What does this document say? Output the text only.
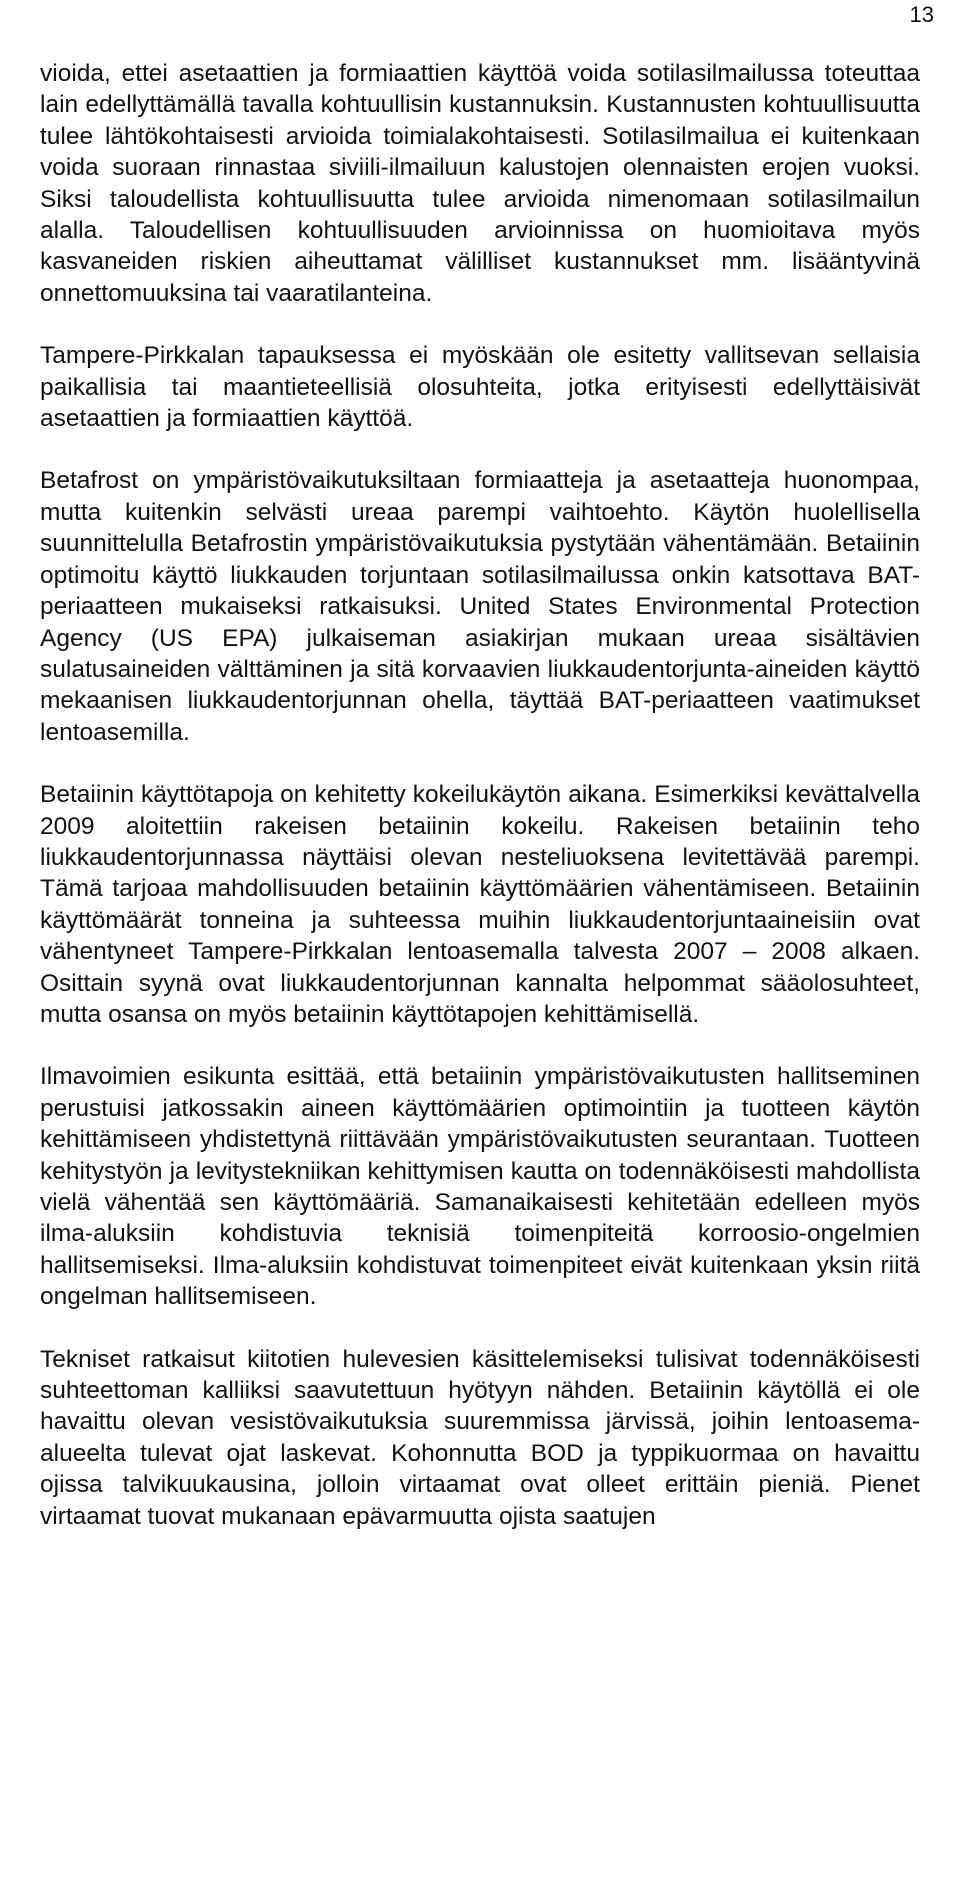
13

vioida, ettei asetaattien ja formiaattien käyttöä voida sotilasilmailussa toteuttaa lain edellyttämällä tavalla kohtuullisin kustannuksin. Kustannusten kohtuullisuutta tulee lähtökohtaisesti arvioida toimialakohtaisesti. Sotilasilmailua ei kuitenkaan voida suoraan rinnastaa siviili-ilmailuun kalustojen olennaisten erojen vuoksi. Siksi taloudellista kohtuullisuutta tulee arvioida nimenomaan sotilasilmailun alalla. Taloudellisen kohtuullisuuden arvioinnissa on huomioitava myös kasvaneiden riskien aiheuttamat välilliset kustannukset mm. lisääntyvinä onnettomuuksina tai vaaratilanteina.

Tampere-Pirkkalan tapauksessa ei myöskään ole esitetty vallitsevan sellaisia paikallisia tai maantieteellisiä olosuhteita, jotka erityisesti edellyttäisivät asetaattien ja formiaattien käyttöä.

Betafrost on ympäristövaikutuksiltaan formiaatteja ja asetaatteja huonompaa, mutta kuitenkin selvästi ureaa parempi vaihtoehto. Käytön huolellisella suunnittelulla Betafrostin ympäristövaikutuksia pystytään vähentämään. Betaiinin optimoitu käyttö liukkauden torjuntaan sotilasilmailussa onkin katsottava BAT-periaatteen mukaiseksi ratkaisuksi. United States Environmental Protection Agency (US EPA) julkaiseman asiakirjan mukaan ureaa sisältävien sulatusaineiden välttäminen ja sitä korvaavien liukkaudentorjunta-aineiden käyttö mekaanisen liukkaudentorjunnan ohella, täyttää BAT-periaatteen vaatimukset lentoasemilla.

Betaiinin käyttötapoja on kehitetty kokeilukäytön aikana. Esimerkiksi kevättalvella 2009 aloitettiin rakeisen betaiinin kokeilu. Rakeisen betaiinin teho liukkaudentorjunnassa näyttäisi olevan nesteliuoksena levitettävää parempi. Tämä tarjoaa mahdollisuuden betaiinin käyttömäärien vähentämiseen. Betaiinin käyttömäärät tonneina ja suhteessa muihin liukkaudentorjuntaaineisiin ovat vähentyneet Tampere-Pirkkalan lentoasemalla talvesta 2007 – 2008 alkaen. Osittain syynä ovat liukkaudentorjunnan kannalta helpommat sääolosuhteet, mutta osansa on myös betaiinin käyttötapojen kehittämisellä.

Ilmavoimien esikunta esittää, että betaiinin ympäristövaikutusten hallitseminen perustuisi jatkossakin aineen käyttömäärien optimointiin ja tuotteen käytön kehittämiseen yhdistettynä riittävään ympäristövaikutusten seurantaan. Tuotteen kehitystyön ja levitystekniikan kehittymisen kautta on todennäköisesti mahdollista vielä vähentää sen käyttömääriä. Samanaikaisesti kehitetään edelleen myös ilma-aluksiin kohdistuvia teknisiä toimenpiteitä korroosio-ongelmien hallitsemiseksi. Ilma-aluksiin kohdistuvat toimenpiteet eivät kuitenkaan yksin riitä ongelman hallitsemiseen.

Tekniset ratkaisut kiitotien hulevesien käsittelemiseksi tulisivat todennäköisesti suhteettoman kalliiksi saavutettuun hyötyyn nähden. Betaiinin käytöllä ei ole havaittu olevan vesistövaikutuksia suuremmissa järvissä, joihin lentoasema-alueelta tulevat ojat laskevat. Kohonnutta BOD ja typpikuormaa on havaittu ojissa talvikuukausina, jolloin virtaamat ovat olleet erittäin pieniä. Pienet virtaamat tuovat mukanaan epävarmuutta ojista saatujen
